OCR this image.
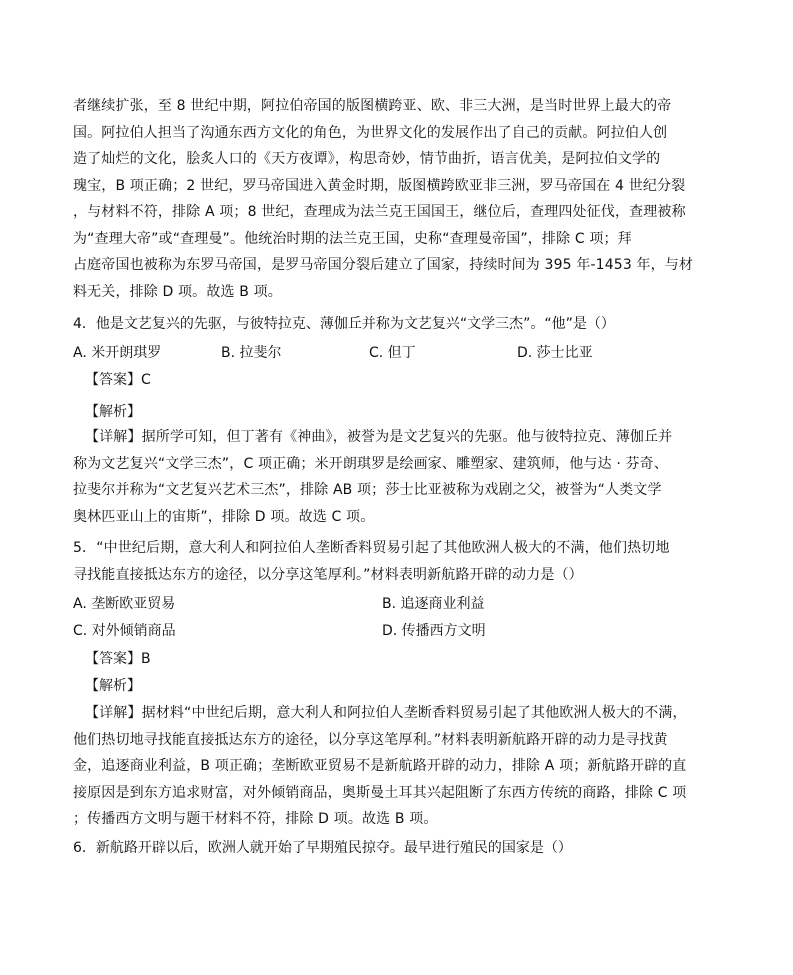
者继续扩张，至 8 世纪中期，阿拉伯帝国的版图横跨亚、欧、非三大洲，是当时世界上最大的帝
国。阿拉伯人担当了沟通东西方文化的角色，为世界文化的发展作出了自己的贡献。阿拉伯人创
造了灿烂的文化，脍炙人口的《天方夜谭》，构思奇妙，情节曲折，语言优美，是阿拉伯文学的
瑰宝，B 项正确；2 世纪，罗马帝国进入黄金时期，版图横跨欧亚非三洲，罗马帝国在 4 世纪分裂
，与材料不符，排除 A 项；8 世纪，查理成为法兰克王国国王，继位后，查理四处征伐，查理被称
为“查理大帝”或“查理曼”。他统治时期的法兰克王国，史称“查理曼帝国”，排除 C 项；拜
占庭帝国也被称为东罗马帝国，是罗马帝国分裂后建立了国家，持续时间为 395 年-1453 年，与材
料无关，排除 D 项。故选 B 项。
4．他是文艺复兴的先驱，与彼特拉克、薄伽丘并称为文艺复兴“文学三杰”。“他”是（）
A. 米开朗琪罗	B. 拉斐尔	C. 但丁	D. 莎士比亚
【答案】C
【解析】
【详解】据所学可知，但丁著有《神曲》，被誉为是文艺复兴的先驱。他与彼特拉克、薄伽丘并
称为文艺复兴“文学三杰”，C 项正确；米开朗琪罗是绘画家、雕塑家、建筑师，他与达 · 芬奇、
拉斐尔并称为“文艺复兴艺术三杰”，排除 AB 项；莎士比亚被称为戏剧之父，被誉为“人类文学
奥林匹亚山上的宙斯”，排除 D 项。故选 C 项。
5．“中世纪后期，意大利人和阿拉伯人垄断香料贸易引起了其他欧洲人极大的不满，他们热切地
寻找能直接抵达东方的途径，以分享这笔厚利。”材料表明新航路开辟的动力是（）
A. 垄断欧亚贸易	B. 追逐商业利益
C. 对外倾销商品	D. 传播西方文明
【答案】B
【解析】
【详解】据材料“中世纪后期，意大利人和阿拉伯人垄断香料贸易引起了其他欧洲人极大的不满，
他们热切地寻找能直接抵达东方的途径，以分享这笔厚利。”材料表明新航路开辟的动力是寻找黄
金，追逐商业利益，B 项正确；垄断欧亚贸易不是新航路开辟的动力，排除 A 项；新航路开辟的直
接原因是到东方追求财富，对外倾销商品，奥斯曼土耳其兴起阻断了东西方传统的商路，排除 C 项
；传播西方文明与题干材料不符，排除 D 项。故选 B 项。
6．新航路开辟以后，欧洲人就开始了早期殖民掠夺。最早进行殖民的国家是（）
